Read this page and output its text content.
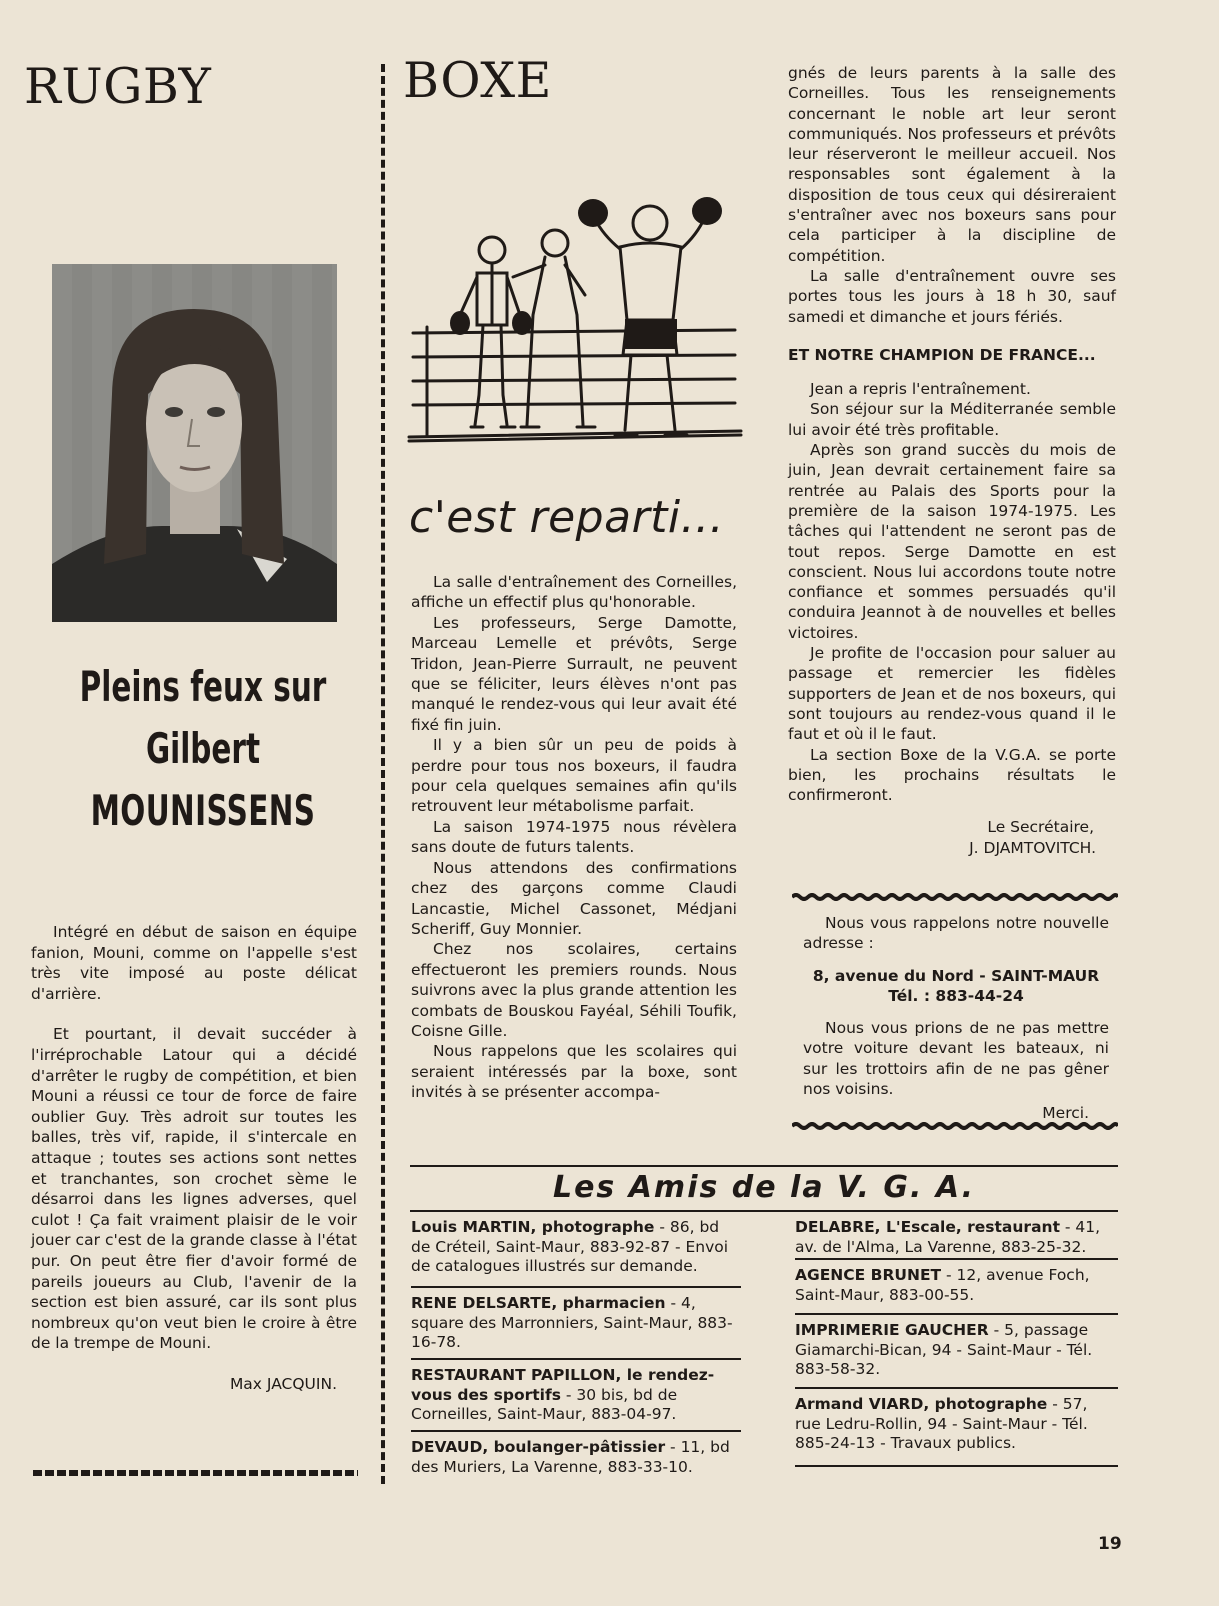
RUGBY
Pleins feux sur
Gilbert
MOUNISSENS

Intégré en début de saison en équipe fanion, Mouni, comme on l'appelle s'est très vite imposé au poste délicat d'arrière.

Et pourtant, il devait succéder à l'irréprochable Latour qui a décidé d'arrêter le rugby de compétition, et bien Mouni a réussi ce tour de force de faire oublier Guy. Très adroit sur toutes les balles, très vif, rapide, il s'intercale en attaque ; toutes ses actions sont nettes et tranchantes, son crochet sème le désarroi dans les lignes adverses, quel culot ! Ça fait vraiment plaisir de le voir jouer car c'est de la grande classe à l'état pur. On peut être fier d'avoir formé de pareils joueurs au Club, l'avenir de la section est bien assuré, car ils sont plus nombreux qu'on veut bien le croire à être de la trempe de Mouni.

Max JACQUIN.

BOXE
c'est reparti...

La salle d'entraînement des Corneilles, affiche un effectif plus qu'honorable.

Les professeurs, Serge Damotte, Marceau Lemelle et prévôts, Serge Tridon, Jean-Pierre Surrault, ne peuvent que se féliciter, leurs élèves n'ont pas manqué le rendez-vous qui leur avait été fixé fin juin.

Il y a bien sûr un peu de poids à perdre pour tous nos boxeurs, il faudra pour cela quelques semaines afin qu'ils retrouvent leur métabolisme parfait.

La saison 1974-1975 nous révèlera sans doute de futurs talents.

Nous attendons des confirmations chez des garçons comme Claudi Lancastie, Michel Cassonet, Médjani Scheriff, Guy Monnier.

Chez nos scolaires, certains effectueront les premiers rounds. Nous suivrons avec la plus grande attention les combats de Bouskou Fayéal, Séhili Toufik, Coisne Gille.

Nous rappelons que les scolaires qui seraient intéressés par la boxe, sont invités à se présenter accompa-

gnés de leurs parents à la salle des Corneilles. Tous les renseignements concernant le noble art leur seront communiqués. Nos professeurs et prévôts leur réserveront le meilleur accueil. Nos responsables sont également à la disposition de tous ceux qui désireraient s'entraîner avec nos boxeurs sans pour cela participer à la discipline de compétition.

La salle d'entraînement ouvre ses portes tous les jours à 18 h 30, sauf samedi et dimanche et jours fériés.

ET NOTRE CHAMPION DE FRANCE...

Jean a repris l'entraînement.

Son séjour sur la Méditerranée semble lui avoir été très profitable.

Après son grand succès du mois de juin, Jean devrait certainement faire sa rentrée au Palais des Sports pour la première de la saison 1974-1975. Les tâches qui l'attendent ne seront pas de tout repos. Serge Damotte en est conscient. Nous lui accordons toute notre confiance et sommes persuadés qu'il conduira Jeannot à de nouvelles et belles victoires.

Je profite de l'occasion pour saluer au passage et remercier les fidèles supporters de Jean et de nos boxeurs, qui sont toujours au rendez-vous quand il le faut et où il le faut.

La section Boxe de la V.G.A. se porte bien, les prochains résultats le confirmeront.

Le Secrétaire,

J. DJAMTOVITCH.

Nous vous rappelons notre nouvelle adresse :

8, avenue du Nord - SAINT-MAUR

Tél. : 883-44-24

Nous vous prions de ne pas mettre votre voiture devant les bateaux, ni sur les trottoirs afin de ne pas gêner nos voisins.

Merci.

Les Amis de la V. G. A.
Louis MARTIN, photographe - 86, bd de Créteil, Saint-Maur, 883-92-87 - Envoi de catalogues illustrés sur demande.
RENE DELSARTE, pharmacien - 4, square des Marronniers, Saint-Maur, 883-16-78.
RESTAURANT PAPILLON, le rendez-vous des sportifs - 30 bis, bd de Corneilles, Saint-Maur, 883-04-97.
DEVAUD, boulanger-pâtissier - 11, bd des Muriers, La Varenne, 883-33-10.
DELABRE, L'Escale, restaurant - 41, av. de l'Alma, La Varenne, 883-25-32.
AGENCE BRUNET - 12, avenue Foch, Saint-Maur, 883-00-55.
IMPRIMERIE GAUCHER - 5, passage Giamarchi-Bican, 94 - Saint-Maur - Tél. 883-58-32.
Armand VIARD, photographe - 57, rue Ledru-Rollin, 94 - Saint-Maur - Tél. 885-24-13 - Travaux publics.
19
